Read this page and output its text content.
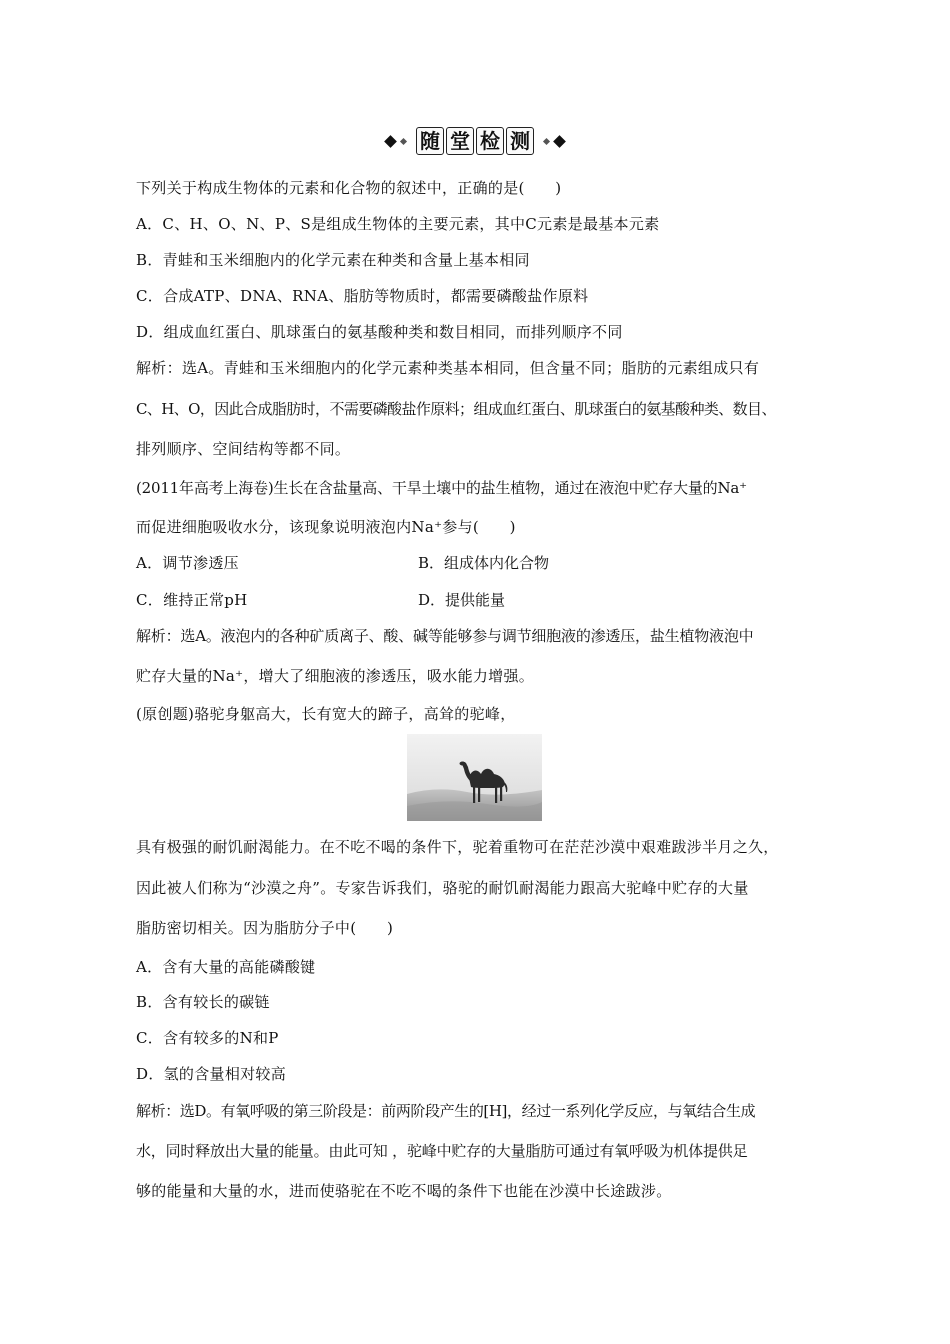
随 堂 检 测
下列关于构成生物体的元素和化合物的叙述中，正确的是(　　)
A．C、H、O、N、P、S是组成生物体的主要元素，其中C元素是最基本元素
B．青蛙和玉米细胞内的化学元素在种类和含量上基本相同
C．合成ATP、DNA、RNA、脂肪等物质时，都需要磷酸盐作原料
D．组成血红蛋白、肌球蛋白的氨基酸种类和数目相同，而排列顺序不同
解析：选A。青蛙和玉米细胞内的化学元素种类基本相同，但含量不同；脂肪的元素组成只有
C、H、O，因此合成脂肪时，不需要磷酸盐作原料；组成血红蛋白、肌球蛋白的氨基酸种类、数目、
排列顺序、空间结构等都不同。
(2011年高考上海卷)生长在含盐量高、干旱土壤中的盐生植物，通过在液泡中贮存大量的Na⁺
而促进细胞吸收水分，该现象说明液泡内Na⁺参与(　　)
A．调节渗透压	B．组成体内化合物
C．维持正常pH	D．提供能量
解析：选A。液泡内的各种矿质离子、酸、碱等能够参与调节细胞液的渗透压，盐生植物液泡中
贮存大量的Na⁺，增大了细胞液的渗透压，吸水能力增强。
(原创题)骆驼身躯高大，长有宽大的蹄子，高耸的驼峰，
具有极强的耐饥耐渴能力。在不吃不喝的条件下，驼着重物可在茫茫沙漠中艰难跋涉半月之久，
因此被人们称为“沙漠之舟”。专家告诉我们，骆驼的耐饥耐渴能力跟高大驼峰中贮存的大量
脂肪密切相关。因为脂肪分子中(　　)
A．含有大量的高能磷酸键
B．含有较长的碳链
C．含有较多的N和P
D．氢的含量相对较高
解析：选D。有氧呼吸的第三阶段是：前两阶段产生的[H]，经过一系列化学反应，与氧结合生成
水，同时释放出大量的能量。由此可知 ，驼峰中贮存的大量脂肪可通过有氧呼吸为机体提供足
够的能量和大量的水，进而使骆驼在不吃不喝的条件下也能在沙漠中长途跋涉。
